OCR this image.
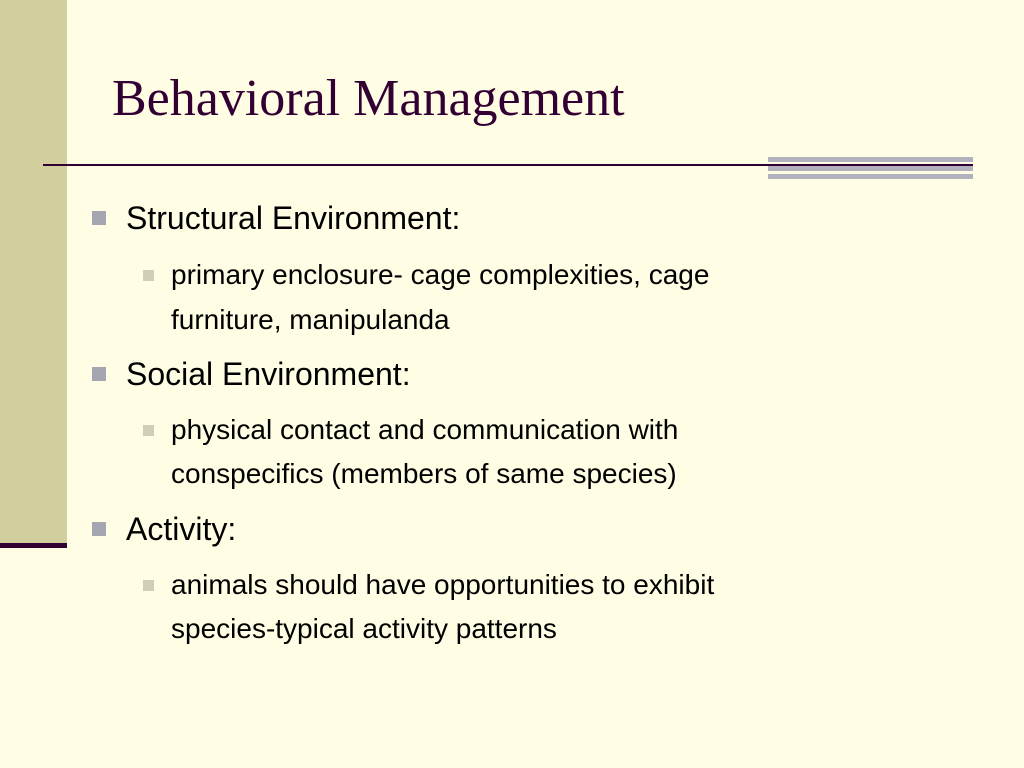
Behavioral Management
Structural Environment:
primary enclosure- cage complexities, cage
furniture, manipulanda
Social Environment:
physical contact and communication with
conspecifics (members of same species)
Activity:
animals should have opportunities to exhibit
species-typical activity patterns
